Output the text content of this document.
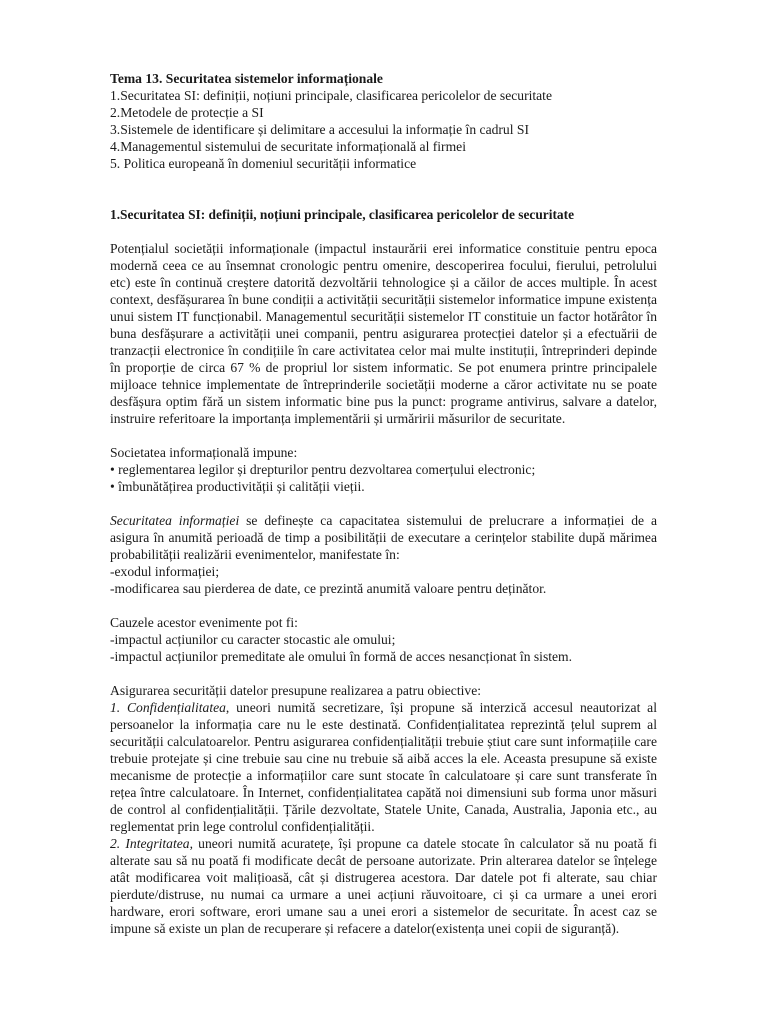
Tema 13. Securitatea sistemelor informaționale

1.Securitatea SI: definiții, noțiuni principale, clasificarea pericolelor de securitate

2.Metodele de protecție a SI

3.Sistemele de identificare și delimitare a accesului la informație în cadrul SI

4.Managementul sistemului de securitate informațională al firmei

5. Politica europeană în domeniul securității informatice

1.Securitatea SI: definiții, noțiuni principale, clasificarea pericolelor de securitate

Potențialul societății informaționale (impactul instaurării erei informatice constituie pentru epoca modernă ceea ce au însemnat cronologic pentru omenire, descoperirea focului, fierului, petrolului etc) este în continuă creștere datorită dezvoltării tehnologice și a căilor de acces multiple. În acest context, desfășurarea în bune condiții a activității securității sistemelor informatice impune existența unui sistem IT funcționabil. Managementul securității sistemelor IT constituie un factor hotărâtor în buna desfășurare a activității unei companii, pentru asigurarea protecției datelor și a efectuării de tranzacții electronice în condițiile în care activitatea celor mai multe instituții, întreprinderi depinde în proporție de circa 67 % de propriul lor sistem informatic. Se pot enumera printre principalele mijloace tehnice implementate de întreprinderile societății moderne a căror activitate nu se poate desfășura optim fără un sistem informatic bine pus la punct: programe antivirus, salvare a datelor, instruire referitoare la importanța implementării și urmăririi măsurilor de securitate.

Societatea informațională impune:

• reglementarea legilor și drepturilor pentru dezvoltarea comerțului electronic;

• îmbunătățirea productivității și calității vieții.

Securitatea informației se definește ca capacitatea sistemului de prelucrare a informației de a asigura în anumită perioadă de timp a posibilității de executare a cerințelor stabilite după mărimea probabilității realizării evenimentelor, manifestate în:

-exodul informației;

-modificarea sau pierderea de date, ce prezintă anumită valoare pentru deținător.

Cauzele acestor evenimente pot fi:

-impactul acțiunilor cu caracter stocastic ale omului;

-impactul acțiunilor premeditate ale omului în formă de acces nesancționat în sistem.

Asigurarea securității datelor presupune realizarea a patru obiective:

1. Confidențialitatea, uneori numită secretizare, își propune să interzică accesul neautorizat al persoanelor la informația care nu le este destinată. Confidențialitatea reprezintă țelul suprem al securității calculatoarelor. Pentru asigurarea confidențialității trebuie știut care sunt informațiile care trebuie protejate și cine trebuie sau cine nu trebuie să aibă acces la ele. Aceasta presupune să existe mecanisme de protecție a informațiilor care sunt stocate în calculatoare și care sunt transferate în rețea între calculatoare. În Internet, confidențialitatea capătă noi dimensiuni sub forma unor măsuri de control al confidențialității. Țările dezvoltate, Statele Unite, Canada, Australia, Japonia etc., au reglementat prin lege controlul confidențialității.

2. Integritatea, uneori numită acuratețe, își propune ca datele stocate în calculator să nu poată fi alterate sau să nu poată fi modificate decât de persoane autorizate. Prin alterarea datelor se înțelege atât modificarea voit malițioasă, cât și distrugerea acestora. Dar datele pot fi alterate, sau chiar pierdute/distruse, nu numai ca urmare a unei acțiuni răuvoitoare, ci și ca urmare a unei erori hardware, erori software, erori umane sau a unei erori a sistemelor de securitate. În acest caz se impune să existe un plan de recuperare și refacere a datelor(existența unei copii de siguranță).
